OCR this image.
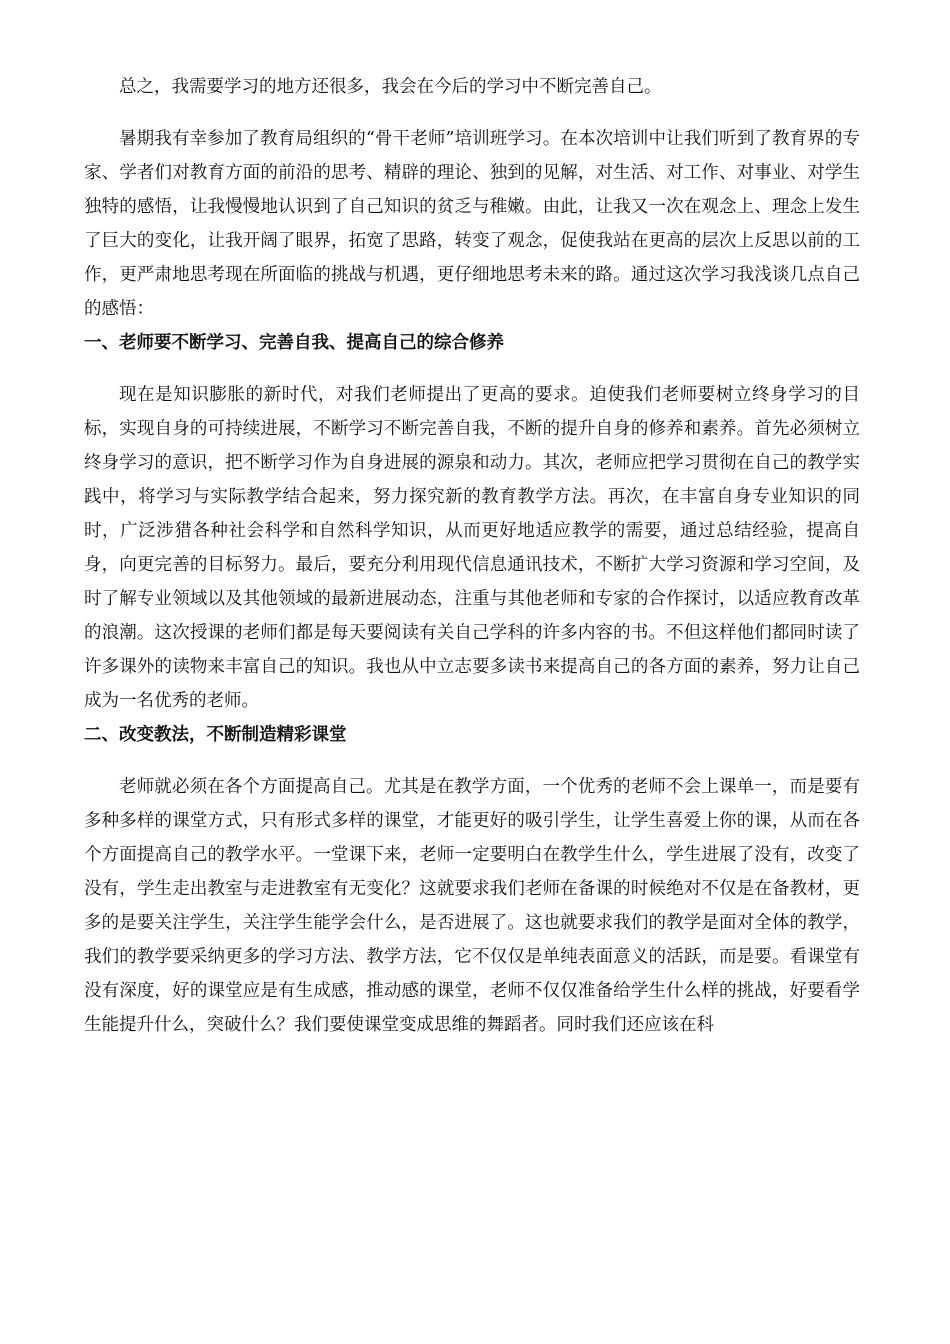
总之，我需要学习的地方还很多，我会在今后的学习中不断完善自己。

暑期我有幸参加了教育局组织的“骨干老师”培训班学习。在本次培训中让我们听到了教育界的专家、学者们对教育方面的前沿的思考、精辟的理论、独到的见解，对生活、对工作、对事业、对学生独特的感悟，让我慢慢地认识到了自己知识的贫乏与稚嫩。由此，让我又一次在观念上、理念上发生了巨大的变化，让我开阔了眼界，拓宽了思路，转变了观念，促使我站在更高的层次上反思以前的工作，更严肃地思考现在所面临的挑战与机遇，更仔细地思考未来的路。通过这次学习我浅谈几点自己的感悟：

一、老师要不断学习、完善自我、提高自己的综合修养

现在是知识膨胀的新时代，对我们老师提出了更高的要求。迫使我们老师要树立终身学习的目标，实现自身的可持续进展，不断学习不断完善自我，不断的提升自身的修养和素养。首先必须树立终身学习的意识，把不断学习作为自身进展的源泉和动力。其次，老师应把学习贯彻在自己的教学实践中，将学习与实际教学结合起来，努力探究新的教育教学方法。再次，在丰富自身专业知识的同时，广泛涉猎各种社会科学和自然科学知识，从而更好地适应教学的需要，通过总结经验，提高自身，向更完善的目标努力。最后，要充分利用现代信息通讯技术，不断扩大学习资源和学习空间，及时了解专业领域以及其他领域的最新进展动态，注重与其他老师和专家的合作探讨，以适应教育改革的浪潮。这次授课的老师们都是每天要阅读有关自己学科的许多内容的书。不但这样他们都同时读了许多课外的读物来丰富自己的知识。我也从中立志要多读书来提高自己的各方面的素养，努力让自己成为一名优秀的老师。

二、改变教法，不断制造精彩课堂

老师就必须在各个方面提高自己。尤其是在教学方面，一个优秀的老师不会上课单一，而是要有多种多样的课堂方式，只有形式多样的课堂，才能更好的吸引学生，让学生喜爱上你的课，从而在各个方面提高自己的教学水平。一堂课下来，老师一定要明白在教学生什么，学生进展了没有，改变了没有，学生走出教室与走进教室有无变化？这就要求我们老师在备课的时候绝对不仅是在备教材，更多的是要关注学生，关注学生能学会什么，是否进展了。这也就要求我们的教学是面对全体的教学，我们的教学要采纳更多的学习方法、教学方法，它不仅仅是单纯表面意义的活跃，而是要。看课堂有没有深度，好的课堂应是有生成感，推动感的课堂，老师不仅仅准备给学生什么样的挑战，好要看学生能提升什么，突破什么？我们要使课堂变成思维的舞蹈者。同时我们还应该在科
